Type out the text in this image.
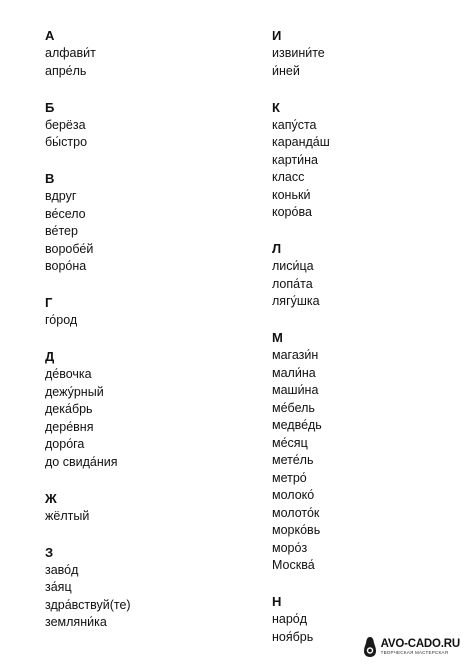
А
алфави́т
апре́ль
Б
берёза
бы́стро
В
вдруг
ве́село
ве́тер
воробе́й
воро́на
Г
го́род
Д
де́вочка
дежу́рный
дека́брь
дере́вня
доро́га
до свида́ния
Ж
жёлтый
З
заво́д
за́яц
здра́вствуй(те)
земляни́ка
И
извини́те
и́ней
К
капу́ста
каранда́ш
карти́на
класс
коньки́
коро́ва
Л
лиси́ца
лопа́та
лягу́шка
М
магази́н
мали́на
маши́на
ме́бель
медве́дь
ме́сяц
мете́ль
метро́
молоко́
молото́к
морко́вь
моро́з
Москва́
Н
наро́д
ноя́брь
AVO-CADO.RU
ТВОРЧЕСКАЯ МАСТЕРСКАЯ
